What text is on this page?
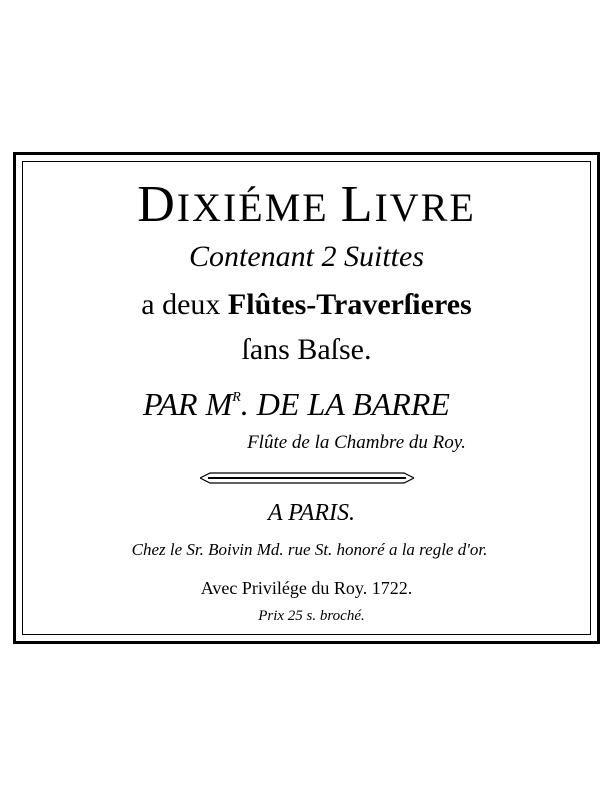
DIXIÉME LIVRE
Contenant 2 Suittes
a deux Flûtes-Traverſieres
ſans Baſse.
PAR $M^R$. DE LA BARRE
Flûte de la Chambre du Roy.
A PARIS.
Chez le Sr. Boivin Md. rue St. honoré a la regle d'or.
Avec Privilége du Roy. 1722.
Prix 25 s. broché.
